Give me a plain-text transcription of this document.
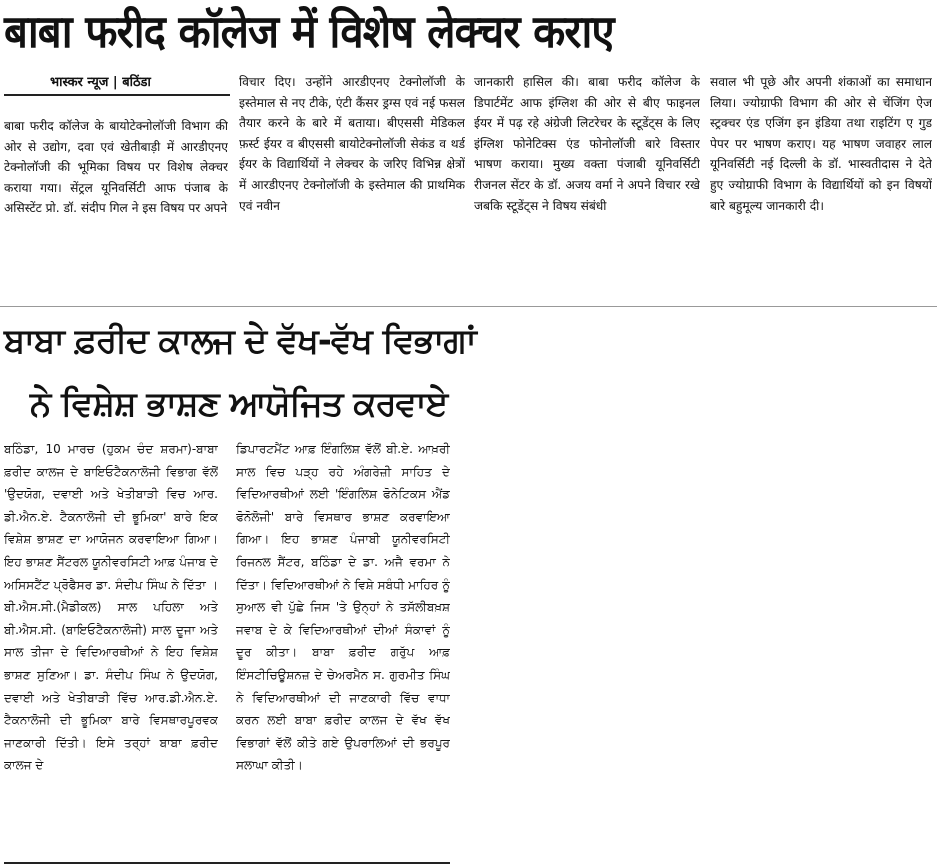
बाबा फरीद कॉलेज में विशेष लेक्चर कराए
भास्कर न्यूज | बठिंडा
बाबा फरीद कॉलेज के बायोटेक्नोलॉजी विभाग की ओर से उद्योग, दवा एवं खेतीबाड़ी में आरडीएनए टेक्नोलॉजी की भूमिका विषय पर विशेष लेक्चर कराया गया। सेंट्रल यूनिवर्सिटी आफ पंजाब के असिस्टेंट प्रो. डॉ. संदीप गिल ने इस विषय पर अपने
विचार दिए। उन्होंने आरडीएनए टेक्नोलॉजी के इस्तेमाल से नए टीके, एंटी कैंसर ड्रग्स एवं नई फसल तैयार करने के बारे में बताया। बीएससी मेडिकल फ़र्स्ट ईयर व बीएससी बायोटेक्नोलॉजी सेकंड व थर्ड ईयर के विद्यार्थियों ने लेक्चर के जरिए विभिन्न क्षेत्रों में आरडीएनए टेक्नोलॉजी के इस्तेमाल की प्राथमिक एवं नवीन
जानकारी हासिल की। बाबा फरीद कॉलेज के डिपार्टमेंट आफ इंग्लिश की ओर से बीए फाइनल ईयर में पढ़ रहे अंग्रेजी लिटरेचर के स्टूडेंट्स के लिए इंग्लिश फोनेटिक्स एंड फोनोलॉजी बारे विस्तार भाषण कराया। मुख्य वक्ता पंजाबी यूनिवर्सिटी रीजनल सेंटर के डॉ. अजय वर्मा ने अपने विचार रखे जबकि स्टूडेंट्स ने विषय संबंधी
सवाल भी पूछे और अपनी शंकाओं का समाधान लिया। ज्योग्राफी विभाग की ओर से चेंजिंग ऐज स्ट्रक्चर एंड एजिंग इन इंडिया तथा राइटिंग ए गुड पेपर पर भाषण कराए। यह भाषण जवाहर लाल यूनिवर्सिटी नई दिल्ली के डॉ. भास्वतीदास ने देते हुए ज्योग्राफी विभाग के विद्यार्थियों को इन विषयों बारे बहुमूल्य जानकारी दी।
ਬਾਬਾ ਫ਼ਰੀਦ ਕਾਲਜ ਦੇ ਵੱਖ-ਵੱਖ ਵਿਭਾਗਾਂ
ਨੇ ਵਿਸ਼ੇਸ਼ ਭਾਸ਼ਣ ਆਯੋਜਿਤ ਕਰਵਾਏ
ਬਠਿੰਡਾ, 10 ਮਾਰਚ (ਹੁਕਮ ਚੰਦ ਸ਼ਰਮਾ)-ਬਾਬਾ ਫ਼ਰੀਦ ਕਾਲਜ ਦੇ ਬਾਇਓਟੈਕਨਾਲੋਜੀ ਵਿਭਾਗ ਵੱਲੋਂ 'ਉਦਯੋਗ, ਦਵਾਈ ਅਤੇ ਖੇਤੀਬਾੜੀ ਵਿਚ ਆਰ. ਡੀ.ਐਨ.ਏ. ਟੈਕਨਾਲੋਜੀ ਦੀ ਭੂਮਿਕਾ' ਬਾਰੇ ਇਕ ਵਿਸ਼ੇਸ਼ ਭਾਸ਼ਣ ਦਾ ਆਯੋਜਨ ਕਰਵਾਇਆ ਗਿਆ। ਇਹ ਭਾਸ਼ਣ ਸੈਂਟਰਲ ਯੂਨੀਵਰਸਿਟੀ ਆਫ਼ ਪੰਜਾਬ ਦੇ ਅਸਿਸਟੈਂਟ ਪ੍ਰੋਫੈਸਰ ਡਾ. ਸੰਦੀਪ ਸਿੰਘ ਨੇ ਦਿੱਤਾ । ਬੀ.ਐਸ.ਸੀ.(ਮੈਡੀਕਲ) ਸਾਲ ਪਹਿਲਾ ਅਤੇ ਬੀ.ਐਸ.ਸੀ. (ਬਾਇਓਟੈਕਨਾਲੋਜੀ) ਸਾਲ ਦੂਜਾ ਅਤੇ ਸਾਲ ਤੀਜਾ ਦੇ ਵਿਦਿਆਰਥੀਆਂ ਨੇ ਇਹ ਵਿਸ਼ੇਸ਼ ਭਾਸ਼ਣ ਸੁਣਿਆ। ਡਾ. ਸੰਦੀਪ ਸਿੰਘ ਨੇ ਉਦਯੋਗ, ਦਵਾਈ ਅਤੇ ਖੇਤੀਬਾੜੀ ਵਿੱਚ ਆਰ.ਡੀ.ਐਨ.ਏ. ਟੈਕਨਾਲੋਜੀ ਦੀ ਭੂਮਿਕਾ ਬਾਰੇ ਵਿਸਥਾਰਪੂਰਵਕ ਜਾਣਕਾਰੀ ਦਿੱਤੀ। ਇਸੇ ਤਰ੍ਹਾਂ ਬਾਬਾ ਫ਼ਰੀਦ ਕਾਲਜ ਦੇ
ਡਿਪਾਰਟਮੈਂਟ ਆਫ਼ ਇੰਗਲਿਸ਼ ਵੱਲੋਂ ਬੀ.ਏ. ਆਖ਼ਰੀ ਸਾਲ ਵਿਚ ਪੜ੍ਹ ਰਹੇ ਅੰਗਰੇਜ਼ੀ ਸਾਹਿਤ ਦੇ ਵਿਦਿਆਰਥੀਆਂ ਲਈ 'ਇੰਗਲਿਸ਼ ਫੋਨੇਟਿਕਸ ਐਂਡ ਫੋਨੋਲੋਜੀ' ਬਾਰੇ ਵਿਸਥਾਰ ਭਾਸ਼ਣ ਕਰਵਾਇਆ ਗਿਆ। ਇਹ ਭਾਸ਼ਣ ਪੰਜਾਬੀ ਯੂਨੀਵਰਸਿਟੀ ਰਿਜਨਲ ਸੈਂਟਰ, ਬਠਿੰਡਾ ਦੇ ਡਾ. ਅਜੈ ਵਰਮਾ ਨੇ ਦਿੱਤਾ। ਵਿਦਿਆਰਥੀਆਂ ਨੇ ਵਿਸ਼ੇ ਸਬੰਧੀ ਮਾਹਿਰ ਨੂੰ ਸੁਆਲ ਵੀ ਪੁੱਛੇ ਜਿਸ 'ਤੇ ਉਨ੍ਹਾਂ ਨੇ ਤਸੱਲੀਬਖ਼ਸ਼ ਜਵਾਬ ਦੇ ਕੇ ਵਿਦਿਆਰਥੀਆਂ ਦੀਆਂ ਸੰਕਾਵਾਂ ਨੂੰ ਦੂਰ ਕੀਤਾ। ਬਾਬਾ ਫ਼ਰੀਦ ਗਰੁੱਪ ਆਫ਼ ਇੰਸਟੀਚਿਊਸ਼ਨਜ਼ ਦੇ ਚੇਅਰਮੈਨ ਸ. ਗੁਰਮੀਤ ਸਿੰਘ ਨੇ ਵਿਦਿਆਰਥੀਆਂ ਦੀ ਜਾਣਕਾਰੀ ਵਿੱਚ ਵਾਧਾ ਕਰਨ ਲਈ ਬਾਬਾ ਫ਼ਰੀਦ ਕਾਲਜ ਦੇ ਵੱਖ ਵੱਖ ਵਿਭਾਗਾਂ ਵੱਲੋਂ ਕੀਤੇ ਗਏ ਉਪਰਾਲਿਆਂ ਦੀ ਭਰਪੂਰ ਸਲਾਘਾ ਕੀਤੀ।
